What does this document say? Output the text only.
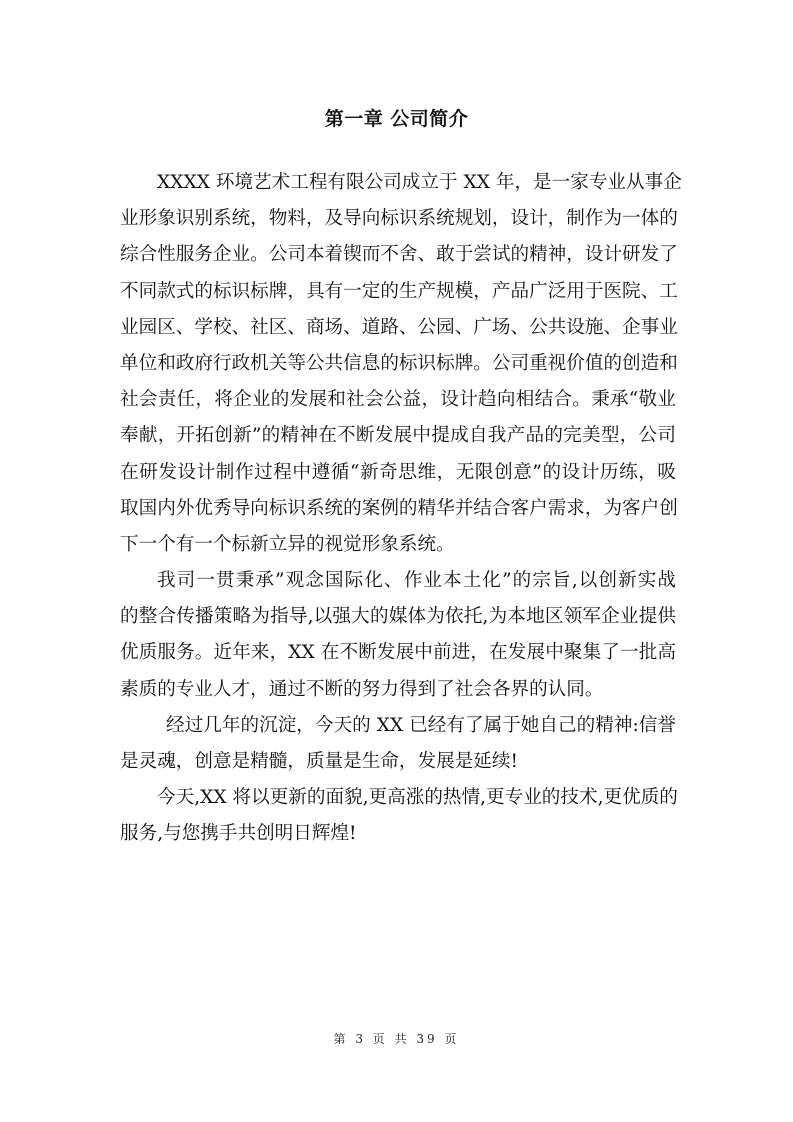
第一章 公司简介
XXXX 环境艺术工程有限公司成立于 XX 年，是一家专业从事企
业形象识别系统，物料，及导向标识系统规划，设计，制作为一体的
综合性服务企业。公司本着锲而不舍、敢于尝试的精神，设计研发了
不同款式的标识标牌，具有一定的生产规模，产品广泛用于医院、工
业园区、学校、社区、商场、道路、公园、广场、公共设施、企事业
单位和政府行政机关等公共信息的标识标牌。公司重视价值的创造和
社会责任，将企业的发展和社会公益，设计趋向相结合。秉承“敬业
奉献，开拓创新”的精神在不断发展中提成自我产品的完美型，公司
在研发设计制作过程中遵循“新奇思维，无限创意”的设计历练，吸
取国内外优秀导向标识系统的案例的精华并结合客户需求，为客户创
下一个有一个标新立异的视觉形象系统。
我司一贯秉承”观念国际化、作业本土化”的宗旨,以创新实战
的整合传播策略为指导,以强大的媒体为依托,为本地区领军企业提供
优质服务。近年来，XX 在不断发展中前进，在发展中聚集了一批高
素质的专业人才，通过不断的努力得到了社会各界的认同。
经过几年的沉淀，今天的 XX 已经有了属于她自己的精神:信誉
是灵魂，创意是精髓，质量是生命，发展是延续!
今天,XX 将以更新的面貌,更高涨的热情,更专业的技术,更优质的
服务,与您携手共创明日辉煌!
第 3 页 共 39 页
